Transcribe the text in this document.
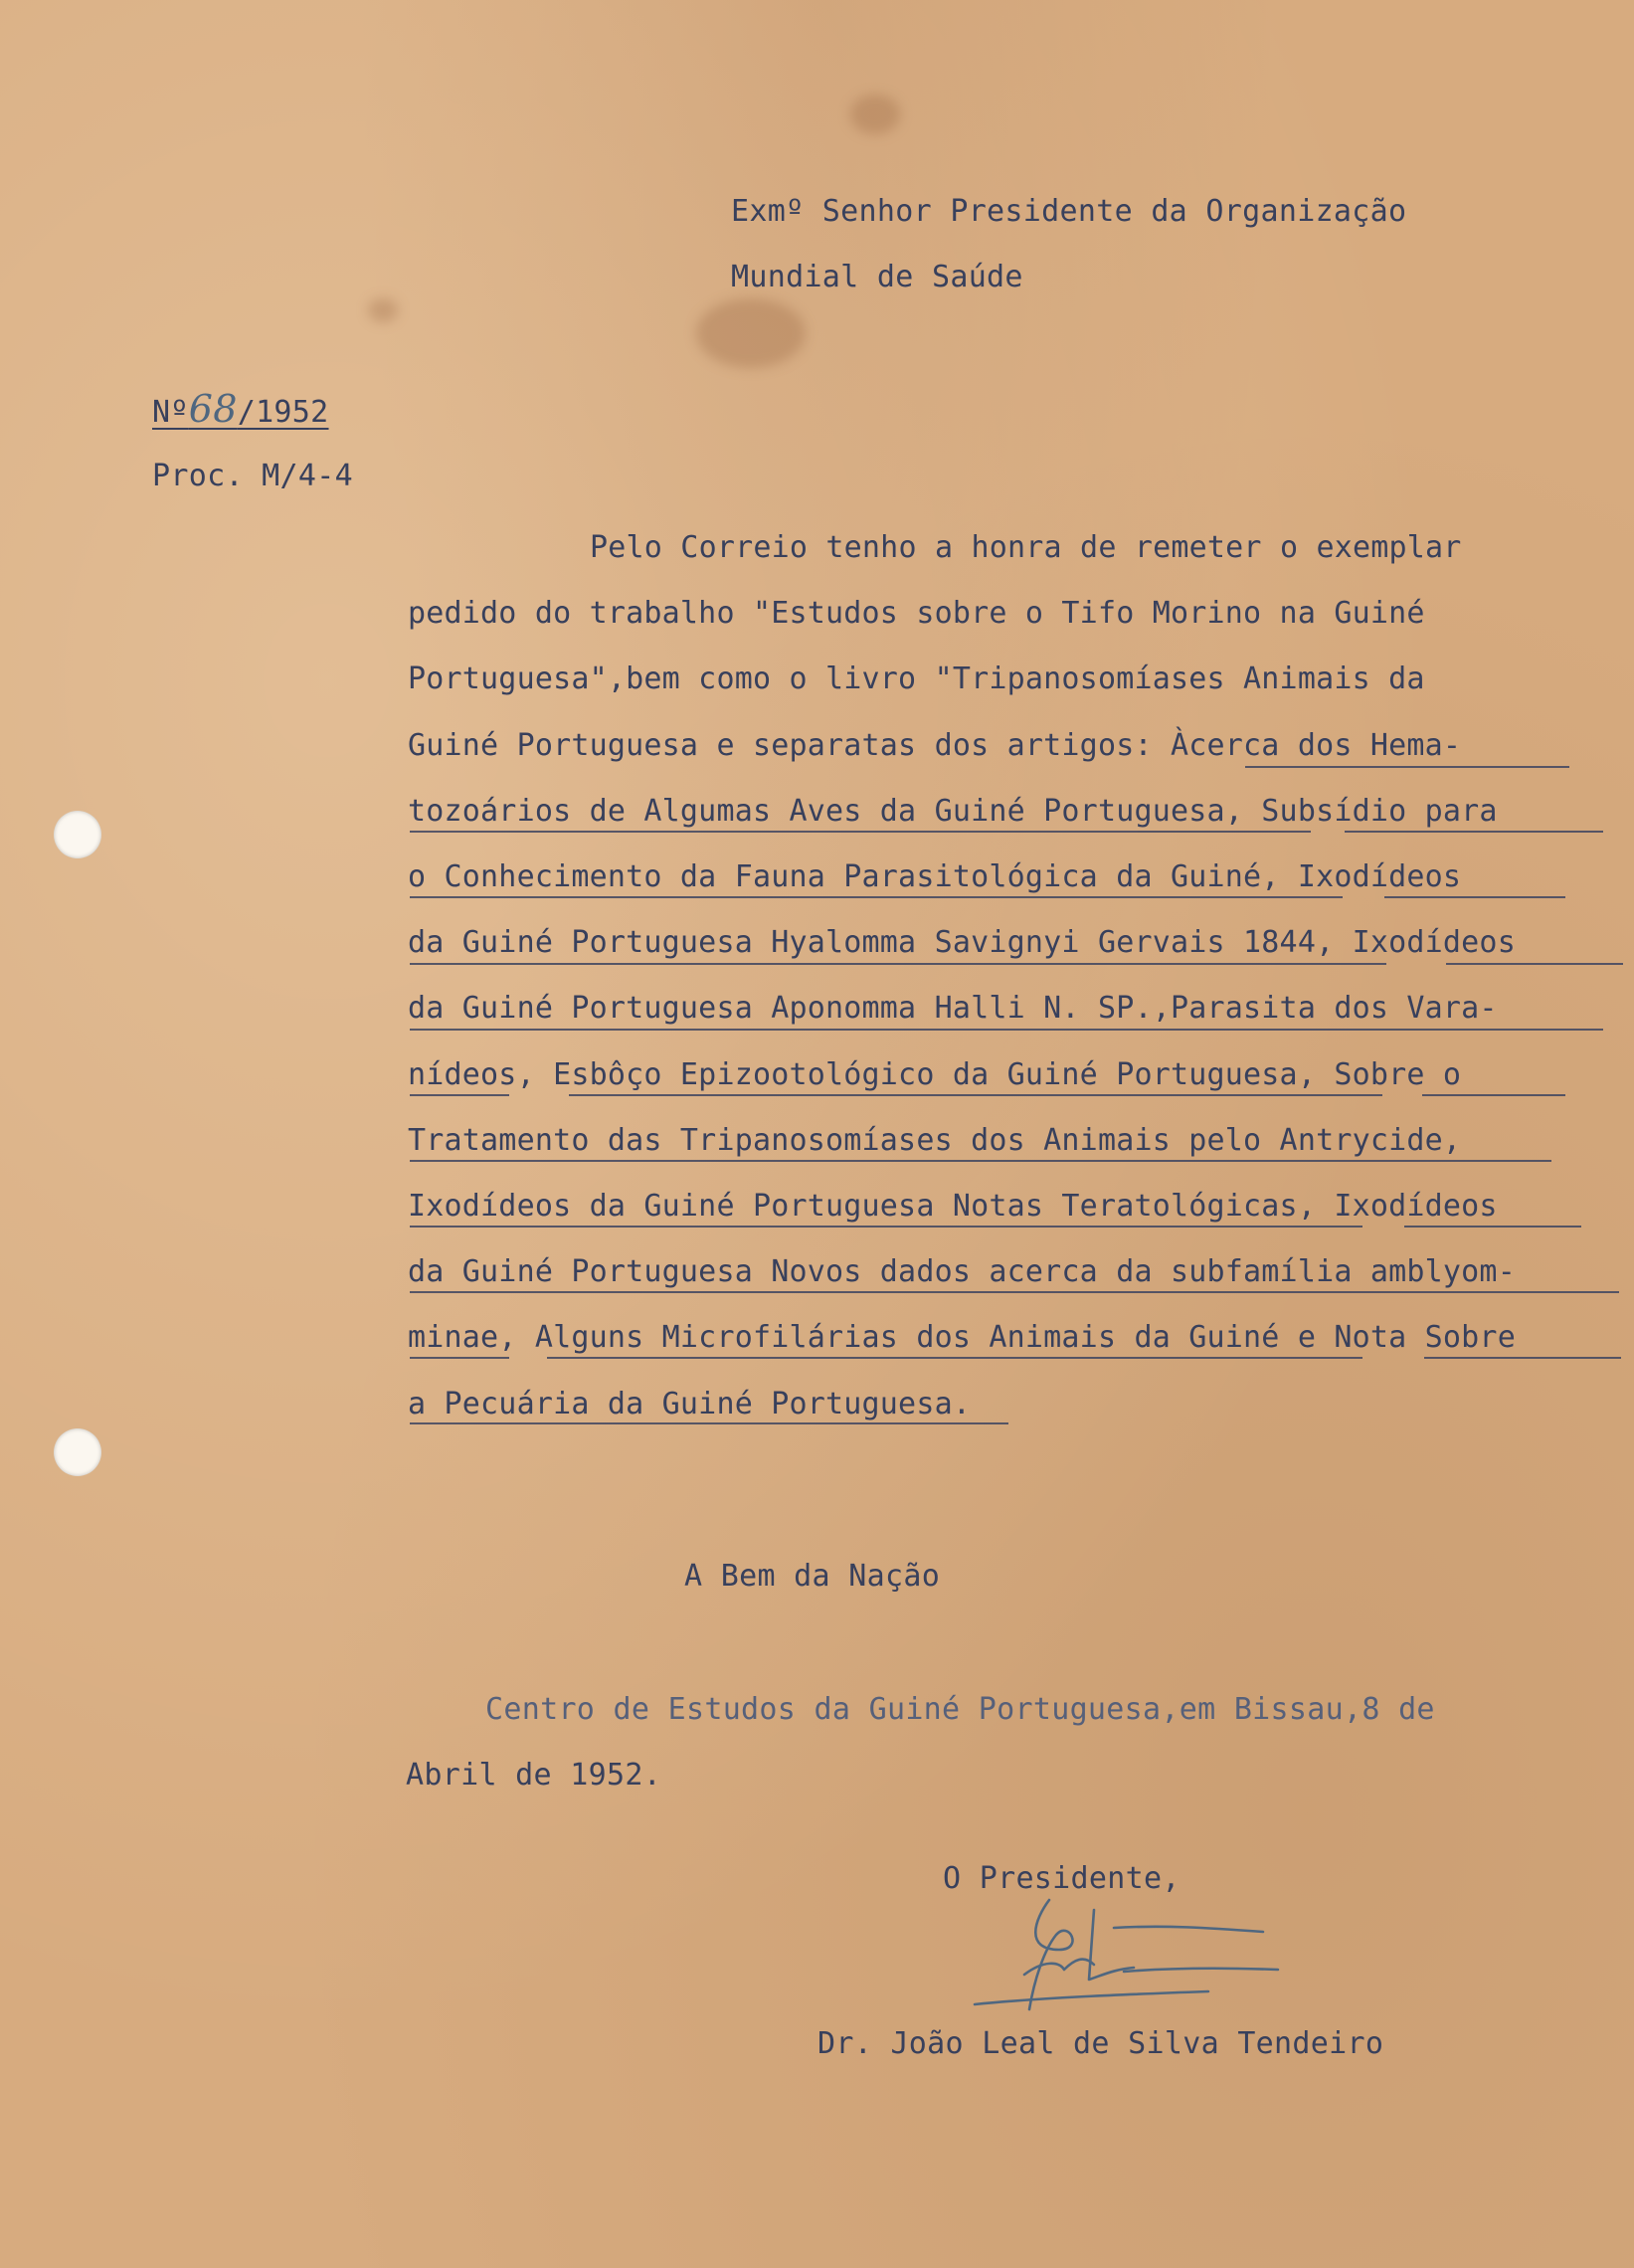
Exmº Senhor Presidente da Organização
Mundial de Saúde
Nº68/1952
Proc. M/4-4
Pelo Correio tenho a honra de remeter o exemplar
pedido do trabalho "Estudos sobre o Tifo Morino na Guiné
Portuguesa",bem como o livro "Tripanosomíases Animais da
Guiné Portuguesa e separatas dos artigos: Àcerca dos Hema-
tozoários de Algumas Aves da Guiné Portuguesa, Subsídio para
o Conhecimento da Fauna Parasitológica da Guiné, Ixodídeos
da Guiné Portuguesa Hyalomma Savignyi Gervais 1844, Ixodídeos
da Guiné Portuguesa Aponomma Halli N. SP.,Parasita dos Vara-
nídeos, Esbôço Epizootológico da Guiné Portuguesa, Sobre o
Tratamento das Tripanosomíases dos Animais pelo Antrycide,
Ixodídeos da Guiné Portuguesa Notas Teratológicas, Ixodídeos
da Guiné Portuguesa Novos dados acerca da subfamília amblyom-
minae, Alguns Microfilárias dos Animais da Guiné e Nota Sobre
a Pecuária da Guiné Portuguesa.
A Bem da Nação
Centro de Estudos da Guiné Portuguesa,em Bissau,8 de
Abril de 1952.
O Presidente,
Dr. João Leal de Silva Tendeiro
